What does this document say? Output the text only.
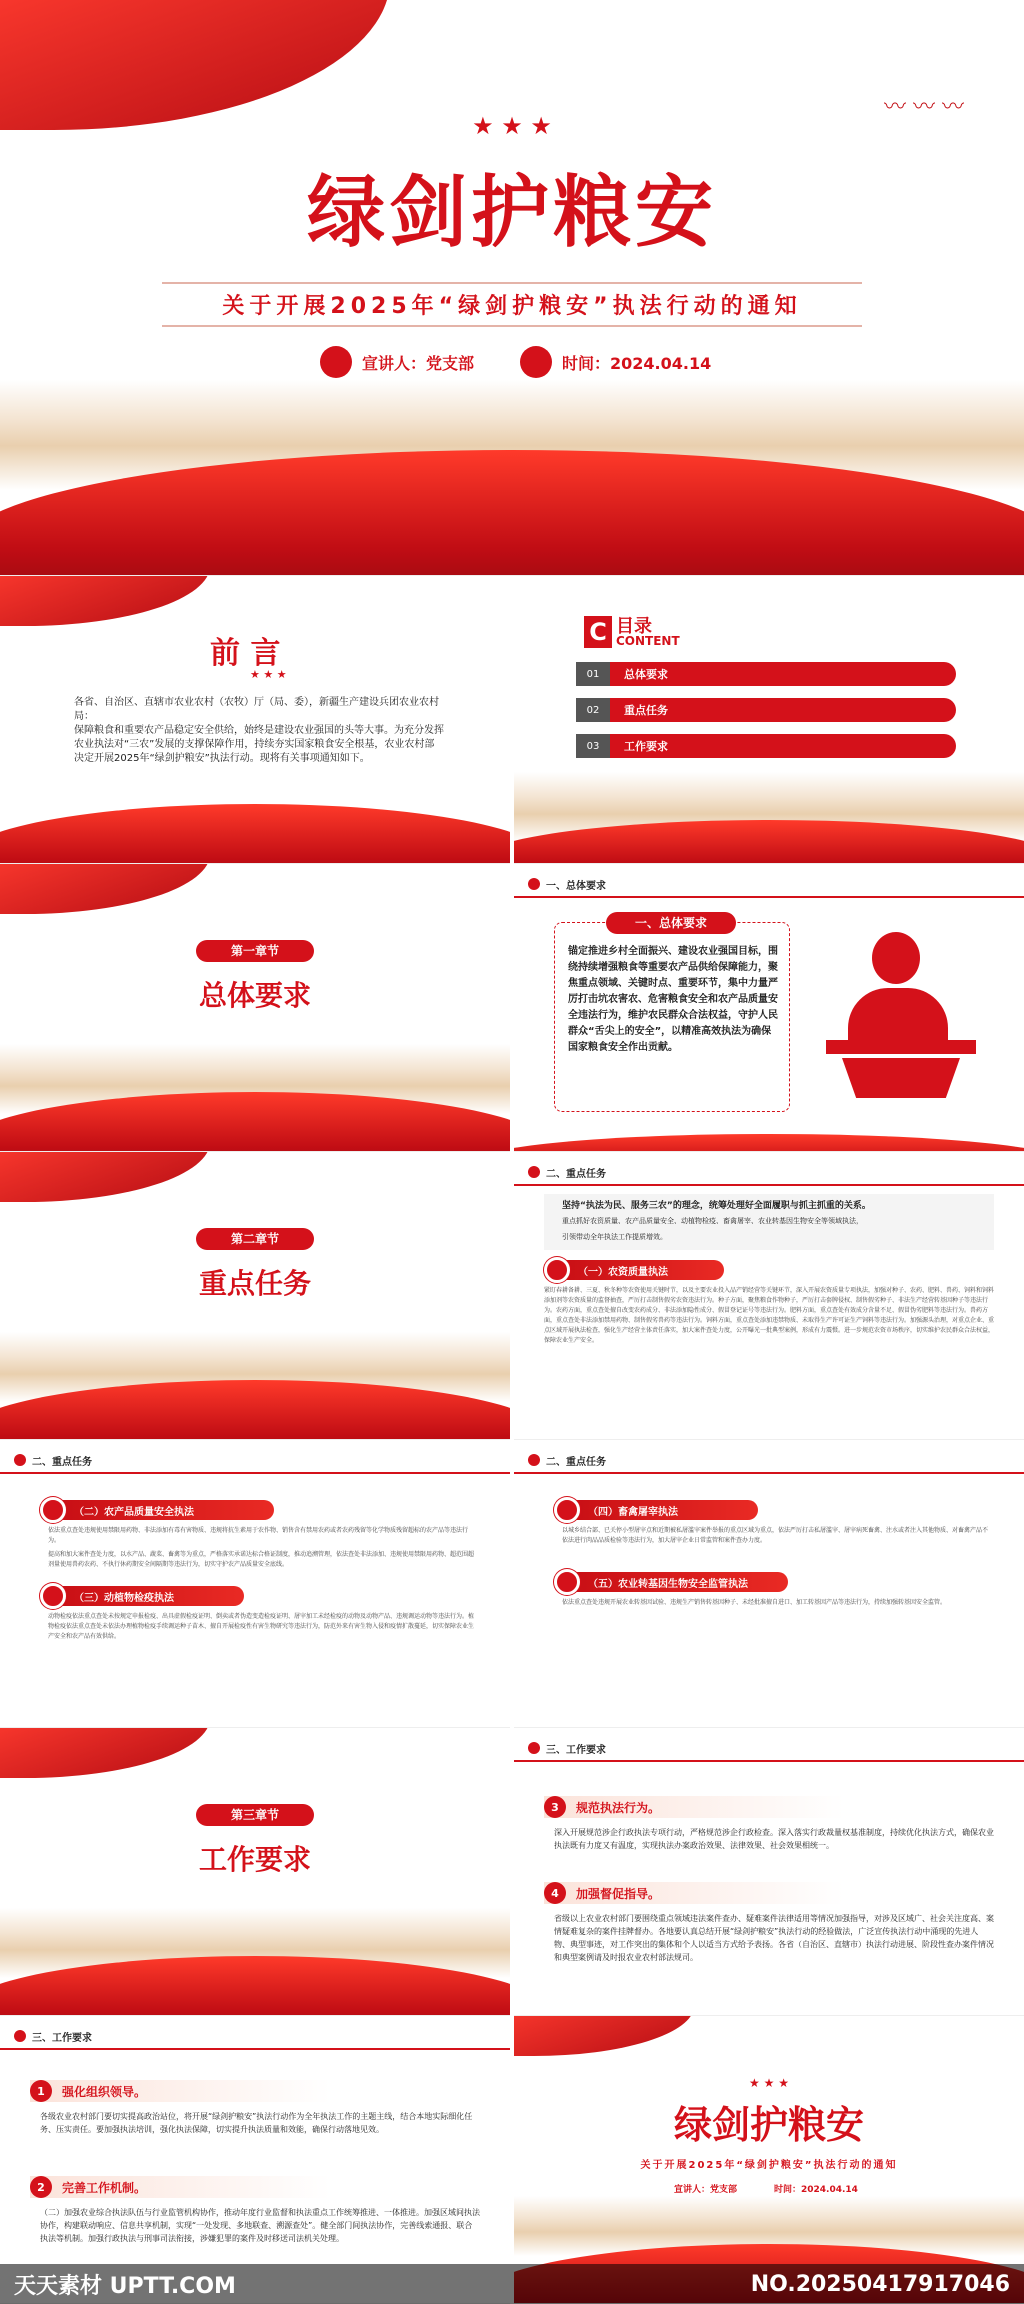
〰 〰 〰
★ ★ ★
绿剑护粮安
关于开展2025年“绿剑护粮安”执法行动的通知
宣讲人：党支部	时间：2024.04.14
前 言
★ ★ ★
各省、自治区、直辖市农业农村（农牧）厅（局、委），新疆生产建设兵团农业农村局：
保障粮食和重要农产品稳定安全供给，始终是建设农业强国的头等大事。为充分发挥农业执法对“三农”发展的支撑保障作用，持续夯实国家粮食安全根基，农业农村部决定开展2025年“绿剑护粮安”执法行动。现将有关事项通知如下。
C 目录
CONTENT
01	总体要求
02	重点任务
03	工作要求
第一章节
总体要求
一、总体要求
一、总体要求
锚定推进乡村全面振兴、建设农业强国目标，围绕持续增强粮食等重要农产品供给保障能力，聚焦重点领域、关键时点、重要环节，集中力量严厉打击坑农害农、危害粮食安全和农产品质量安全违法行为，维护农民群众合法权益，守护人民群众“舌尖上的安全”，以精准高效执法为确保国家粮食安全作出贡献。
第二章节
重点任务
二、重点任务
坚持“执法为民、服务三农”的理念，统筹处理好全面履职与抓主抓重的关系。
重点抓好农资质量、农产品质量安全、动植物检疫、畜禽屠宰、农业转基因生物安全等领域执法，
引领带动全年执法工作提质增效。
（一）农资质量执法
紧盯春耕备耕、三夏、秋冬种等农资使用关键时节，以及主要农业投入品产销经营等关键环节，深入开展农资质量专项执法，加强对种子、农药、肥料、兽药、饲料和饲料添加剂等农资质量的监督抽查，严厉打击制售假劣农资违法行为。种子方面，聚焦粮食作物种子，严厉打击套牌侵权、制售假劣种子、非法生产经营转基因种子等违法行为。农药方面，重点查处擅自改变农药成分、非法添加隐性成分、假冒登记证号等违法行为。肥料方面，重点查处有效成分含量不足、假冒伪劣肥料等违法行为。兽药方面，重点查处非法添加禁用药物、制售假劣兽药等违法行为。饲料方面，重点查处添加违禁物质、未取得生产许可证生产饲料等违法行为。加强源头治理，对重点企业、重点区域开展执法检查，强化生产经营主体责任落实，加大案件查处力度，公开曝光一批典型案例，形成有力震慑。进一步规范农资市场秩序，切实维护农民群众合法权益，保障农业生产安全。
二、重点任务
（二）农产品质量安全执法
依法重点查处违规使用禁限用药物、非法添加有毒有害物质、违规将抗生素用于农作物、销售含有禁用农药或者农药残留等化学物质残留超标的农产品等违法行为。
提高和加大案件查处力度，以水产品、蔬菜、畜禽等为重点，严格落实承诺达标合格证制度，推动追溯管理，依法查处非法添加、违规使用禁限用药物、超范围超剂量使用兽药农药、不执行休药期安全间隔期等违法行为，切实守护农产品质量安全底线。
（三）动植物检疫执法
动物检疫依法重点查处未按规定申报检疫、出具虚假检疫证明、倒卖或者伪造变造检疫证明、屠宰加工未经检疫的动物及动物产品、违规调运动物等违法行为。植物检疫依法重点查处未依法办理植物检疫手续调运种子苗木、擅自开展检疫性有害生物研究等违法行为，防范外来有害生物入侵和疫情扩散蔓延，切实保障农业生产安全和农产品有效供给。
二、重点任务
（四）畜禽屠宰执法
以城乡结合部、已关停小型屠宰点和近期被私屠滥宰案件举报的重点区域为重点，依法严厉打击私屠滥宰、屠宰病死畜禽、注水或者注入其他物质、对畜禽产品不依法进行肉品品质检验等违法行为，加大屠宰企业日常监管和案件查办力度。
（五）农业转基因生物安全监管执法
依法重点查处违规开展农业转基因试验、违规生产销售转基因种子、未经批准擅自进口、加工转基因产品等违法行为，持续加强转基因安全监管。
第三章节
工作要求
三、工作要求
规范执法行为。
3
深入开展规范涉企行政执法专项行动，严格规范涉企行政检查。深入落实行政裁量权基准制度，持续优化执法方式，确保农业执法既有力度又有温度，实现执法办案政治效果、法律效果、社会效果相统一。
加强督促指导。
4
省级以上农业农村部门要围绕重点领域违法案件查办、疑难案件法律适用等情况加强指导，对涉及区域广、社会关注度高、案情疑难复杂的案件挂牌督办。各地要认真总结开展“绿剑护粮安”执法行动的经验做法，广泛宣传执法行动中涌现的先进人物、典型事迹，对工作突出的集体和个人以适当方式给予表扬。各省（自治区、直辖市）执法行动进展、阶段性查办案件情况和典型案例请及时报农业农村部法规司。
三、工作要求
强化组织领导。
1
各级农业农村部门要切实提高政治站位，将开展“绿剑护粮安”执法行动作为全年执法工作的主题主线，结合本地实际细化任务、压实责任。要加强执法培训，强化执法保障，切实提升执法质量和效能，确保行动落地见效。
完善工作机制。
2
（二）加强农业综合执法队伍与行业监管机构协作，推动年度行业监督和执法重点工作统筹推进、一体推进。加强区域间执法协作，构建联动响应、信息共享机制，实现“一处发现、多地联查、溯源查处”。健全部门间执法协作，完善线索通报、联合执法等机制。加强行政执法与刑事司法衔接，涉嫌犯罪的案件及时移送司法机关处理。
★ ★ ★
绿剑护粮安
关于开展2025年“绿剑护粮安”执法行动的通知
宣讲人：党支部	时间：2024.04.14
天天素材 UPTT.COM	NO.20250417917046
